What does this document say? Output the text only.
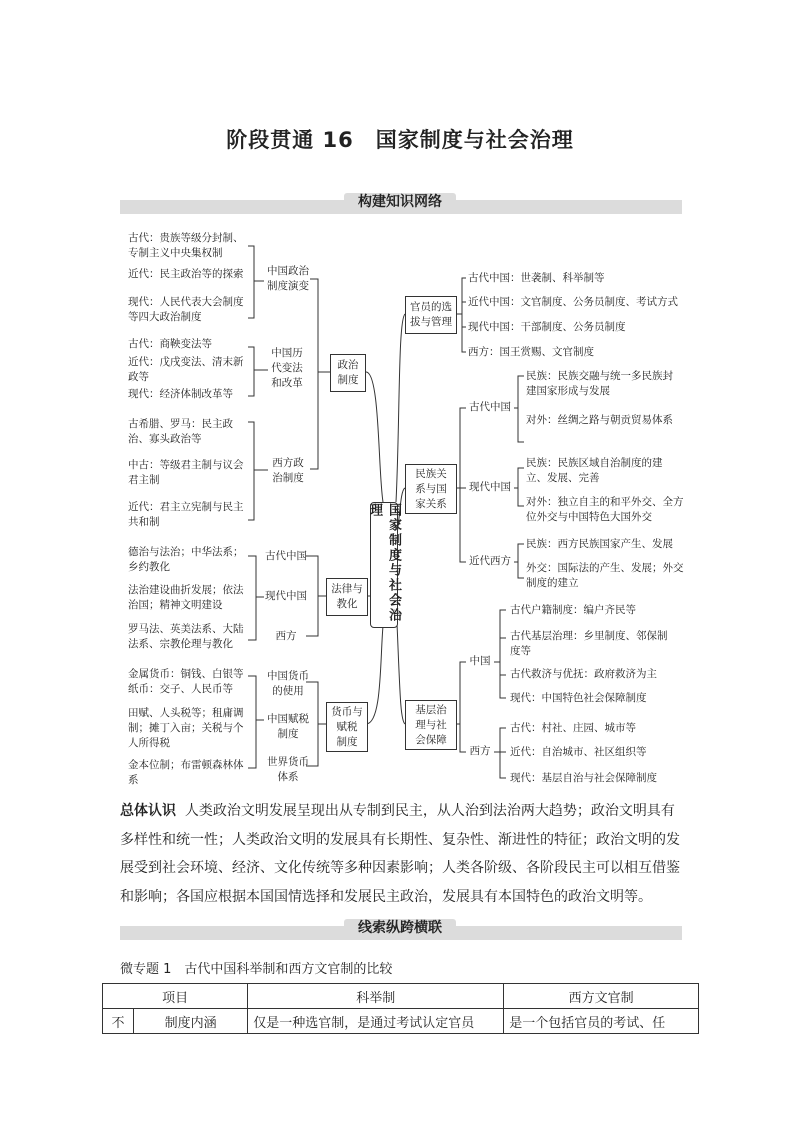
阶段贯通 16　国家制度与社会治理
构建知识网络
国家制度与社会治理
古代：贵族等级分封制、专制主义中央集权制
近代：民主政治等的探索
现代：人民代表大会制度等四大政治制度
中国政治
制度演变
古代：商鞅变法等
近代：戊戌变法、清末新政等
现代：经济体制改革等
中国历
代变法
和改革
古希腊、罗马：民主政治、寡头政治等
中古：等级君主制与议会君主制
近代：君主立宪制与民主共和制
西方政
治制度
政治
制度
德治与法治；中华法系；乡约教化
法治建设曲折发展；依法治国；精神文明建设
罗马法、英美法系、大陆法系、宗教伦理与教化
古代中国
现代中国
西方
法律与
教化
金属货币：铜钱、白银等纸币：交子、人民币等
田赋、人头税等；租庸调制；摊丁入亩；关税与个人所得税
金本位制；布雷顿森林体系
中国货币
的使用
中国赋税
制度
世界货币
体系
货币与
赋税
制度
官员的选
拔与管理
古代中国：世袭制、科举制等
近代中国：文官制度、公务员制度、考试方式
现代中国：干部制度、公务员制度
西方：国王赏赐、文官制度
民族关
系与国
家关系
古代中国
现代中国
近代西方
民族：民族交融与统一多民族封建国家形成与发展
对外：丝绸之路与朝贡贸易体系
民族：民族区域自治制度的建立、发展、完善
对外：独立自主的和平外交、全方位外交与中国特色大国外交
民族：西方民族国家产生、发展
外交：国际法的产生、发展；外交制度的建立
基层治
理与社
会保障
中国
西方
古代户籍制度：编户齐民等
古代基层治理：乡里制度、邻保制度等
古代救济与优抚：政府救济为主
现代：中国特色社会保障制度
古代：村社、庄园、城市等
近代：自治城市、社区组织等
现代：基层自治与社会保障制度
总体认识 人类政治文明发展呈现出从专制到民主，从人治到法治两大趋势；政治文明具有多样性和统一性；人类政治文明的发展具有长期性、复杂性、渐进性的特征；政治文明的发展受到社会环境、经济、文化传统等多种因素影响；人类各阶级、各阶段民主可以相互借鉴和影响；各国应根据本国国情选择和发展民主政治，发展具有本国特色的政治文明等。
线索纵跨横联
微专题 1　古代中国科举制和西方文官制的比较
项目		科举制	西方文官制
不	制度内涵	仅是一种选官制，是通过考试认定官员	是一个包括官员的考试、任
